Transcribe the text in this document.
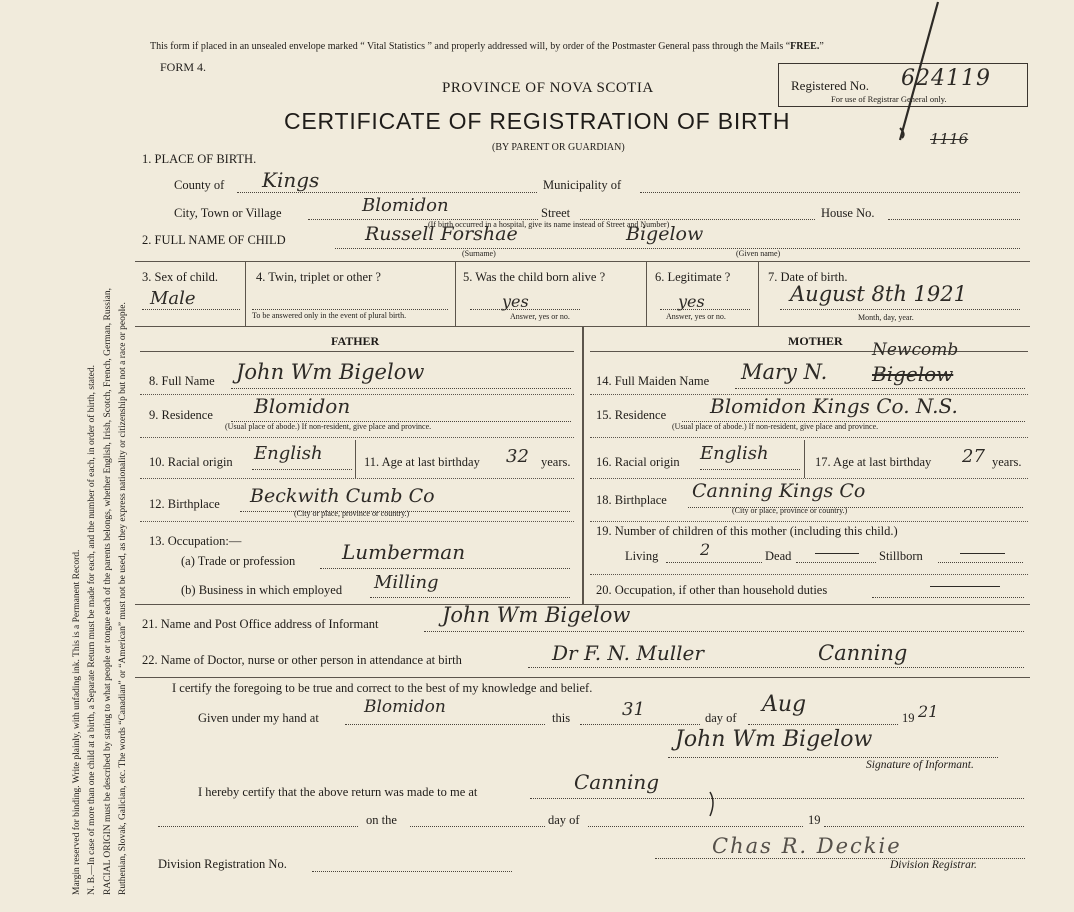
Margin reserved for binding. Write plainly, with unfading ink. This is a Permanent Record. N. B.—In case of more than one child at a birth, a Separate Return must be made for each, and the number of each, in order of birth, stated. RACIAL ORIGIN must be described by stating to what people or tongue each of the parents belongs, whether English, Irish, Scotch, French, German, Russian, Ruthenian, Slovak, Galician, etc. The words “Canadian” or “American” must not be used, as they express nationality or citizenship but not a race or people.
This form if placed in an unsealed envelope marked “ Vital Statistics ” and properly addressed will, by order of the Postmaster General pass through the Mails “FREE.”
FORM 4.
PROVINCE OF NOVA SCOTIA
CERTIFICATE OF REGISTRATION OF BIRTH
(BY PARENT OR GUARDIAN)
Registered No. 624119
For use of Registrar General only.
1116
1. PLACE OF BIRTH.
County of Kings	Municipality of
City, Town or Village	Blomidon	Street	House No.
(If birth occurred in a hospital, give its name instead of Street and Number)
2. FULL NAME OF CHILD	Russell Forshae	Bigelow
(Surname)	(Given name)
3. Sex of child.
Male
4. Twin, triplet or other ?
To be answered only in the event of plural birth.
5. Was the child born alive ?
yes
Answer, yes or no.
6. Legitimate ?
yes
Answer, yes or no.
7. Date of birth.
August 8th 1921
Month, day, year.
FATHER	MOTHER
8. Full Name John Wm Bigelow
9. Residence Blomidon
(Usual place of abode.) If non-resident, give place and province.
10. Racial origin English	11. Age at last birthday 32 years.
12. Birthplace Beckwith Cumb Co
(City or place, province or country.)
13. Occupation:—
(a) Trade or profession Lumberman
(b) Business in which employed Milling
Newcomb
14. Full Maiden Name Mary N. Bigelow
15. Residence Blomidon Kings Co. N.S.
(Usual place of abode.) If non-resident, give place and province.
16. Racial origin English	17. Age at last birthday 27 years.
18. Birthplace Canning Kings Co
(City or place, province or country.)
19. Number of children of this mother (including this child.)
Living	2	Dead	Stillborn
20. Occupation, if other than household duties
21. Name and Post Office address of Informant	John Wm Bigelow
22. Name of Doctor, nurse or other person in attendance at birth	Dr F. N. Muller	Canning
I certify the foregoing to be true and correct to the best of my knowledge and belief.
Given under my hand at
Blomidon
this	31	day of
Aug
19 21
John Wm Bigelow
Signature of Informant.
I hereby certify that the above return was made to me at	Canning
on the	day of	19
Division Registration No.
Chas R. Deckie
Division Registrar.
